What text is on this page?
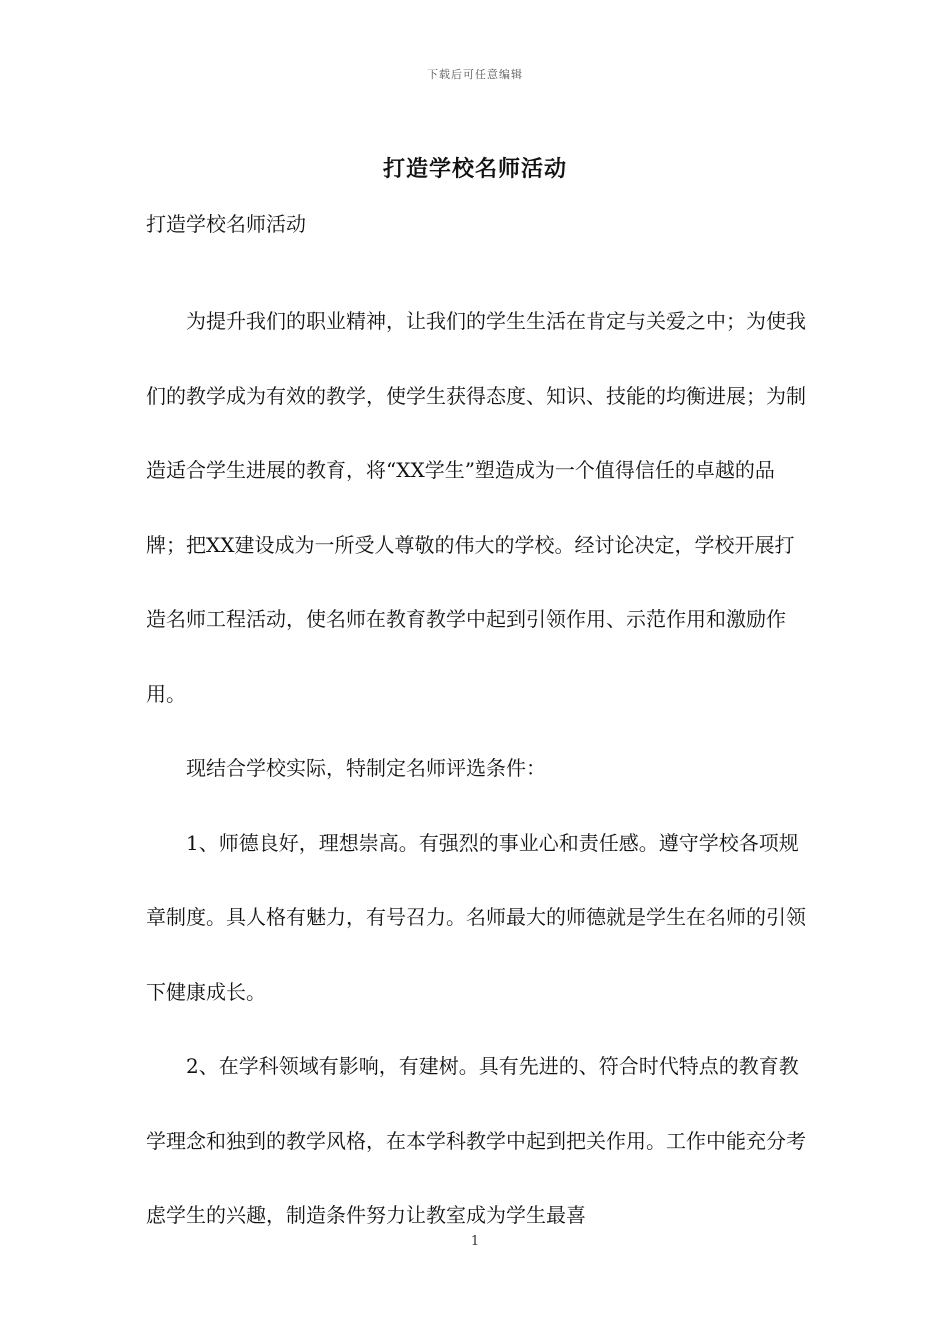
下载后可任意编辑
打造学校名师活动
打造学校名师活动

为提升我们的职业精神，让我们的学生生活在肯定与关爱之中；为使我们的教学成为有效的教学，使学生获得态度、知识、技能的均衡进展；为制造适合学生进展的教育，将“XX学生”塑造成为一个值得信任的卓越的品牌；把XX建设成为一所受人尊敬的伟大的学校。经讨论决定，学校开展打造名师工程活动，使名师在教育教学中起到引领作用、示范作用和激励作用。

现结合学校实际，特制定名师评选条件：

1、师德良好，理想崇高。有强烈的事业心和责任感。遵守学校各项规章制度。具人格有魅力，有号召力。名师最大的师德就是学生在名师的引领下健康成长。

2、在学科领域有影响，有建树。具有先进的、符合时代特点的教育教学理念和独到的教学风格，在本学科教学中起到把关作用。工作中能充分考虑学生的兴趣，制造条件努力让教室成为学生最喜

1
